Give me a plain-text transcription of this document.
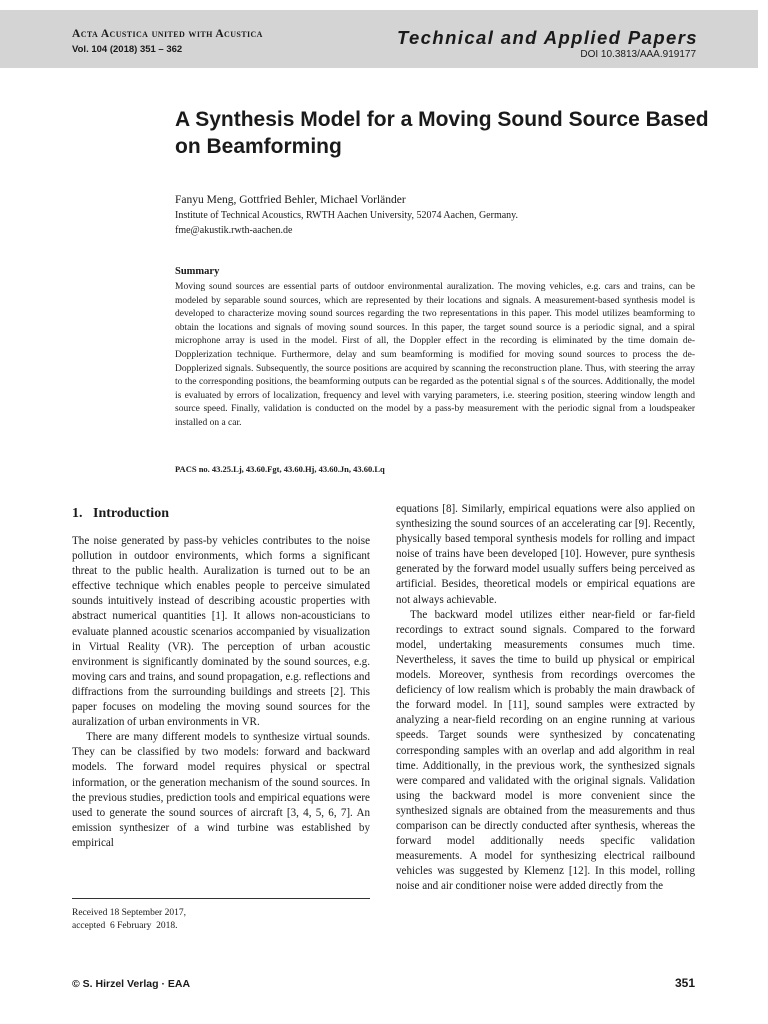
Acta Acustica united with Acustica
Vol. 104 (2018) 351 – 362
Technical and Applied Papers
DOI 10.3813/AAA.919177
A Synthesis Model for a Moving Sound Source Based on Beamforming
Fanyu Meng, Gottfried Behler, Michael Vorländer
Institute of Technical Acoustics, RWTH Aachen University, 52074 Aachen, Germany.
fme@akustik.rwth-aachen.de
Summary

Moving sound sources are essential parts of outdoor environmental auralization. The moving vehicles, e.g. cars and trains, can be modeled by separable sound sources, which are represented by their locations and signals. A measurement-based synthesis model is developed to characterize moving sound sources regarding the two representations in this paper. This model utilizes beamforming to obtain the locations and signals of moving sound sources. In this paper, the target sound source is a periodic signal, and a spiral microphone array is used in the model. First of all, the Doppler effect in the recording is eliminated by the time domain de-Dopplerization technique. Furthermore, delay and sum beamforming is modified for moving sound sources to process the de-Dopplerized signals. Subsequently, the source positions are acquired by scanning the reconstruction plane. Thus, with steering the array to the corresponding positions, the beamforming outputs can be regarded as the potential signal s of the sources. Additionally, the model is evaluated by errors of localization, frequency and level with varying parameters, i.e. steering position, steering window length and source speed. Finally, validation is conducted on the model by a pass-by measurement with the periodic signal from a loudspeaker installed on a car.

PACS no. 43.25.Lj, 43.60.Fgt, 43.60.Hj, 43.60.Jn, 43.60.Lq
1.   Introduction

The noise generated by pass-by vehicles contributes to the noise pollution in outdoor environments, which forms a significant threat to the public health. Auralization is turned out to be an effective technique which enables people to perceive simulated sounds intuitively instead of describing acoustic properties with abstract numerical quantities [1]. It allows non-acousticians to evaluate planned acoustic scenarios accompanied by visualization in Virtual Reality (VR). The perception of urban acoustic environment is significantly dominated by the sound sources, e.g. moving cars and trains, and sound propagation, e.g. reflections and diffractions from the surrounding buildings and streets [2]. This paper focuses on modeling the moving sound sources for the auralization of urban environments in VR.

There are many different models to synthesize virtual sounds. They can be classified by two models: forward and backward models. The forward model requires physical or spectral information, or the generation mechanism of the sound sources. In the previous studies, prediction tools and empirical equations were used to generate the sound sources of aircraft [3, 4, 5, 6, 7]. An emission synthesizer of a wind turbine was established by empirical

equations [8]. Similarly, empirical equations were also applied on synthesizing the sound sources of an accelerating car [9]. Recently, physically based temporal synthesis models for rolling and impact noise of trains have been developed [10]. However, pure synthesis generated by the forward model usually suffers being perceived as artificial. Besides, theoretical models or empirical equations are not always achievable.

The backward model utilizes either near-field or far-field recordings to extract sound signals. Compared to the forward model, undertaking measurements consumes much time. Nevertheless, it saves the time to build up physical or empirical models. Moreover, synthesis from recordings overcomes the deficiency of low realism which is probably the main drawback of the forward model. In [11], sound samples were extracted by analyzing a near-field recording on an engine running at various speeds. Target sounds were synthesized by concatenating corresponding samples with an overlap and add algorithm in real time. Additionally, in the previous work, the synthesized signals were compared and validated with the original signals. Validation using the backward model is more convenient since the synthesized signals are obtained from the measurements and thus comparison can be directly conducted after synthesis, whereas the forward model additionally needs specific validation measurements. A model for synthesizing electrical railbound vehicles was suggested by Klemenz [12]. In this model, rolling noise and air conditioner noise were added directly from the

Received 18 September 2017,
accepted  6 February  2018.
© S. Hirzel Verlag · EAA	351
